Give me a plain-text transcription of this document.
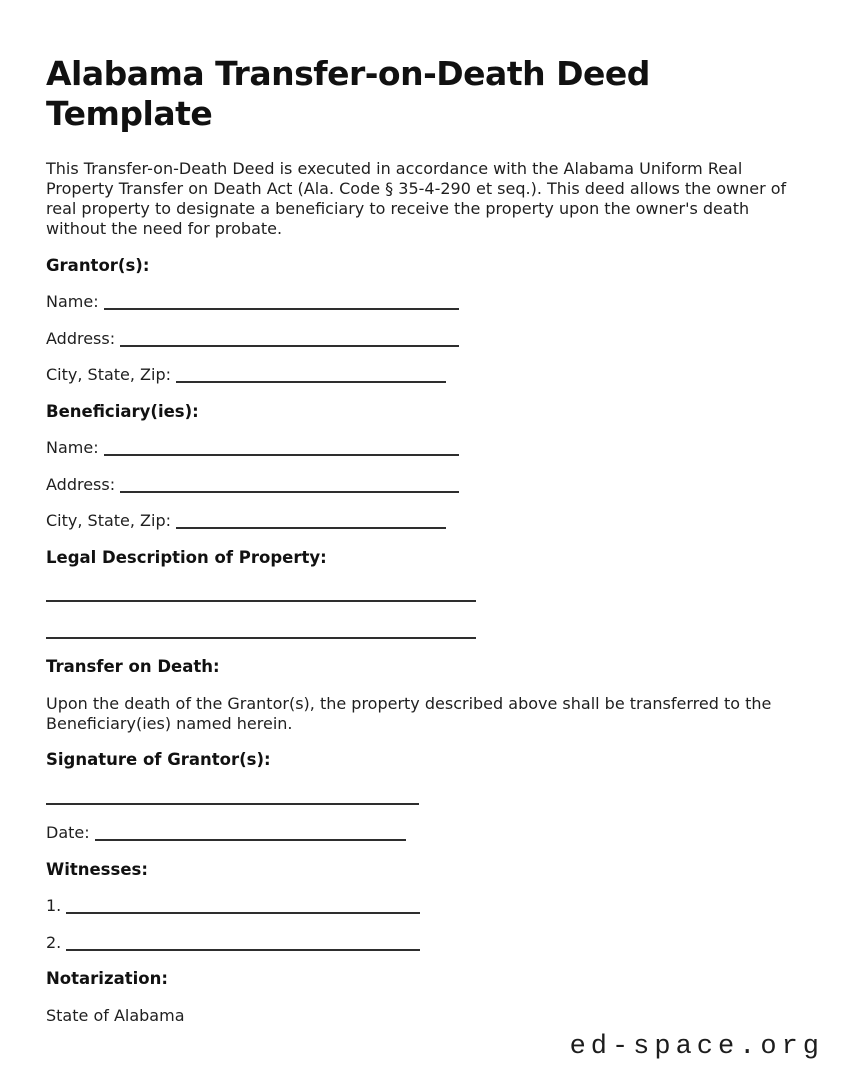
Alabama Transfer-on-Death Deed Template

This Transfer-on-Death Deed is executed in accordance with the Alabama Uniform Real Property Transfer on Death Act (Ala. Code § 35-4-290 et seq.). This deed allows the owner of real property to designate a beneficiary to receive the property upon the owner's death without the need for probate.

Grantor(s):

Name:

Address:

City, State, Zip:

Beneficiary(ies):

Name:

Address:

City, State, Zip:

Legal Description of Property:

Transfer on Death:

Upon the death of the Grantor(s), the property described above shall be transferred to the Beneficiary(ies) named herein.

Signature of Grantor(s):

Date:

Witnesses:

1.

2.

Notarization:

State of Alabama

ed-space.org
